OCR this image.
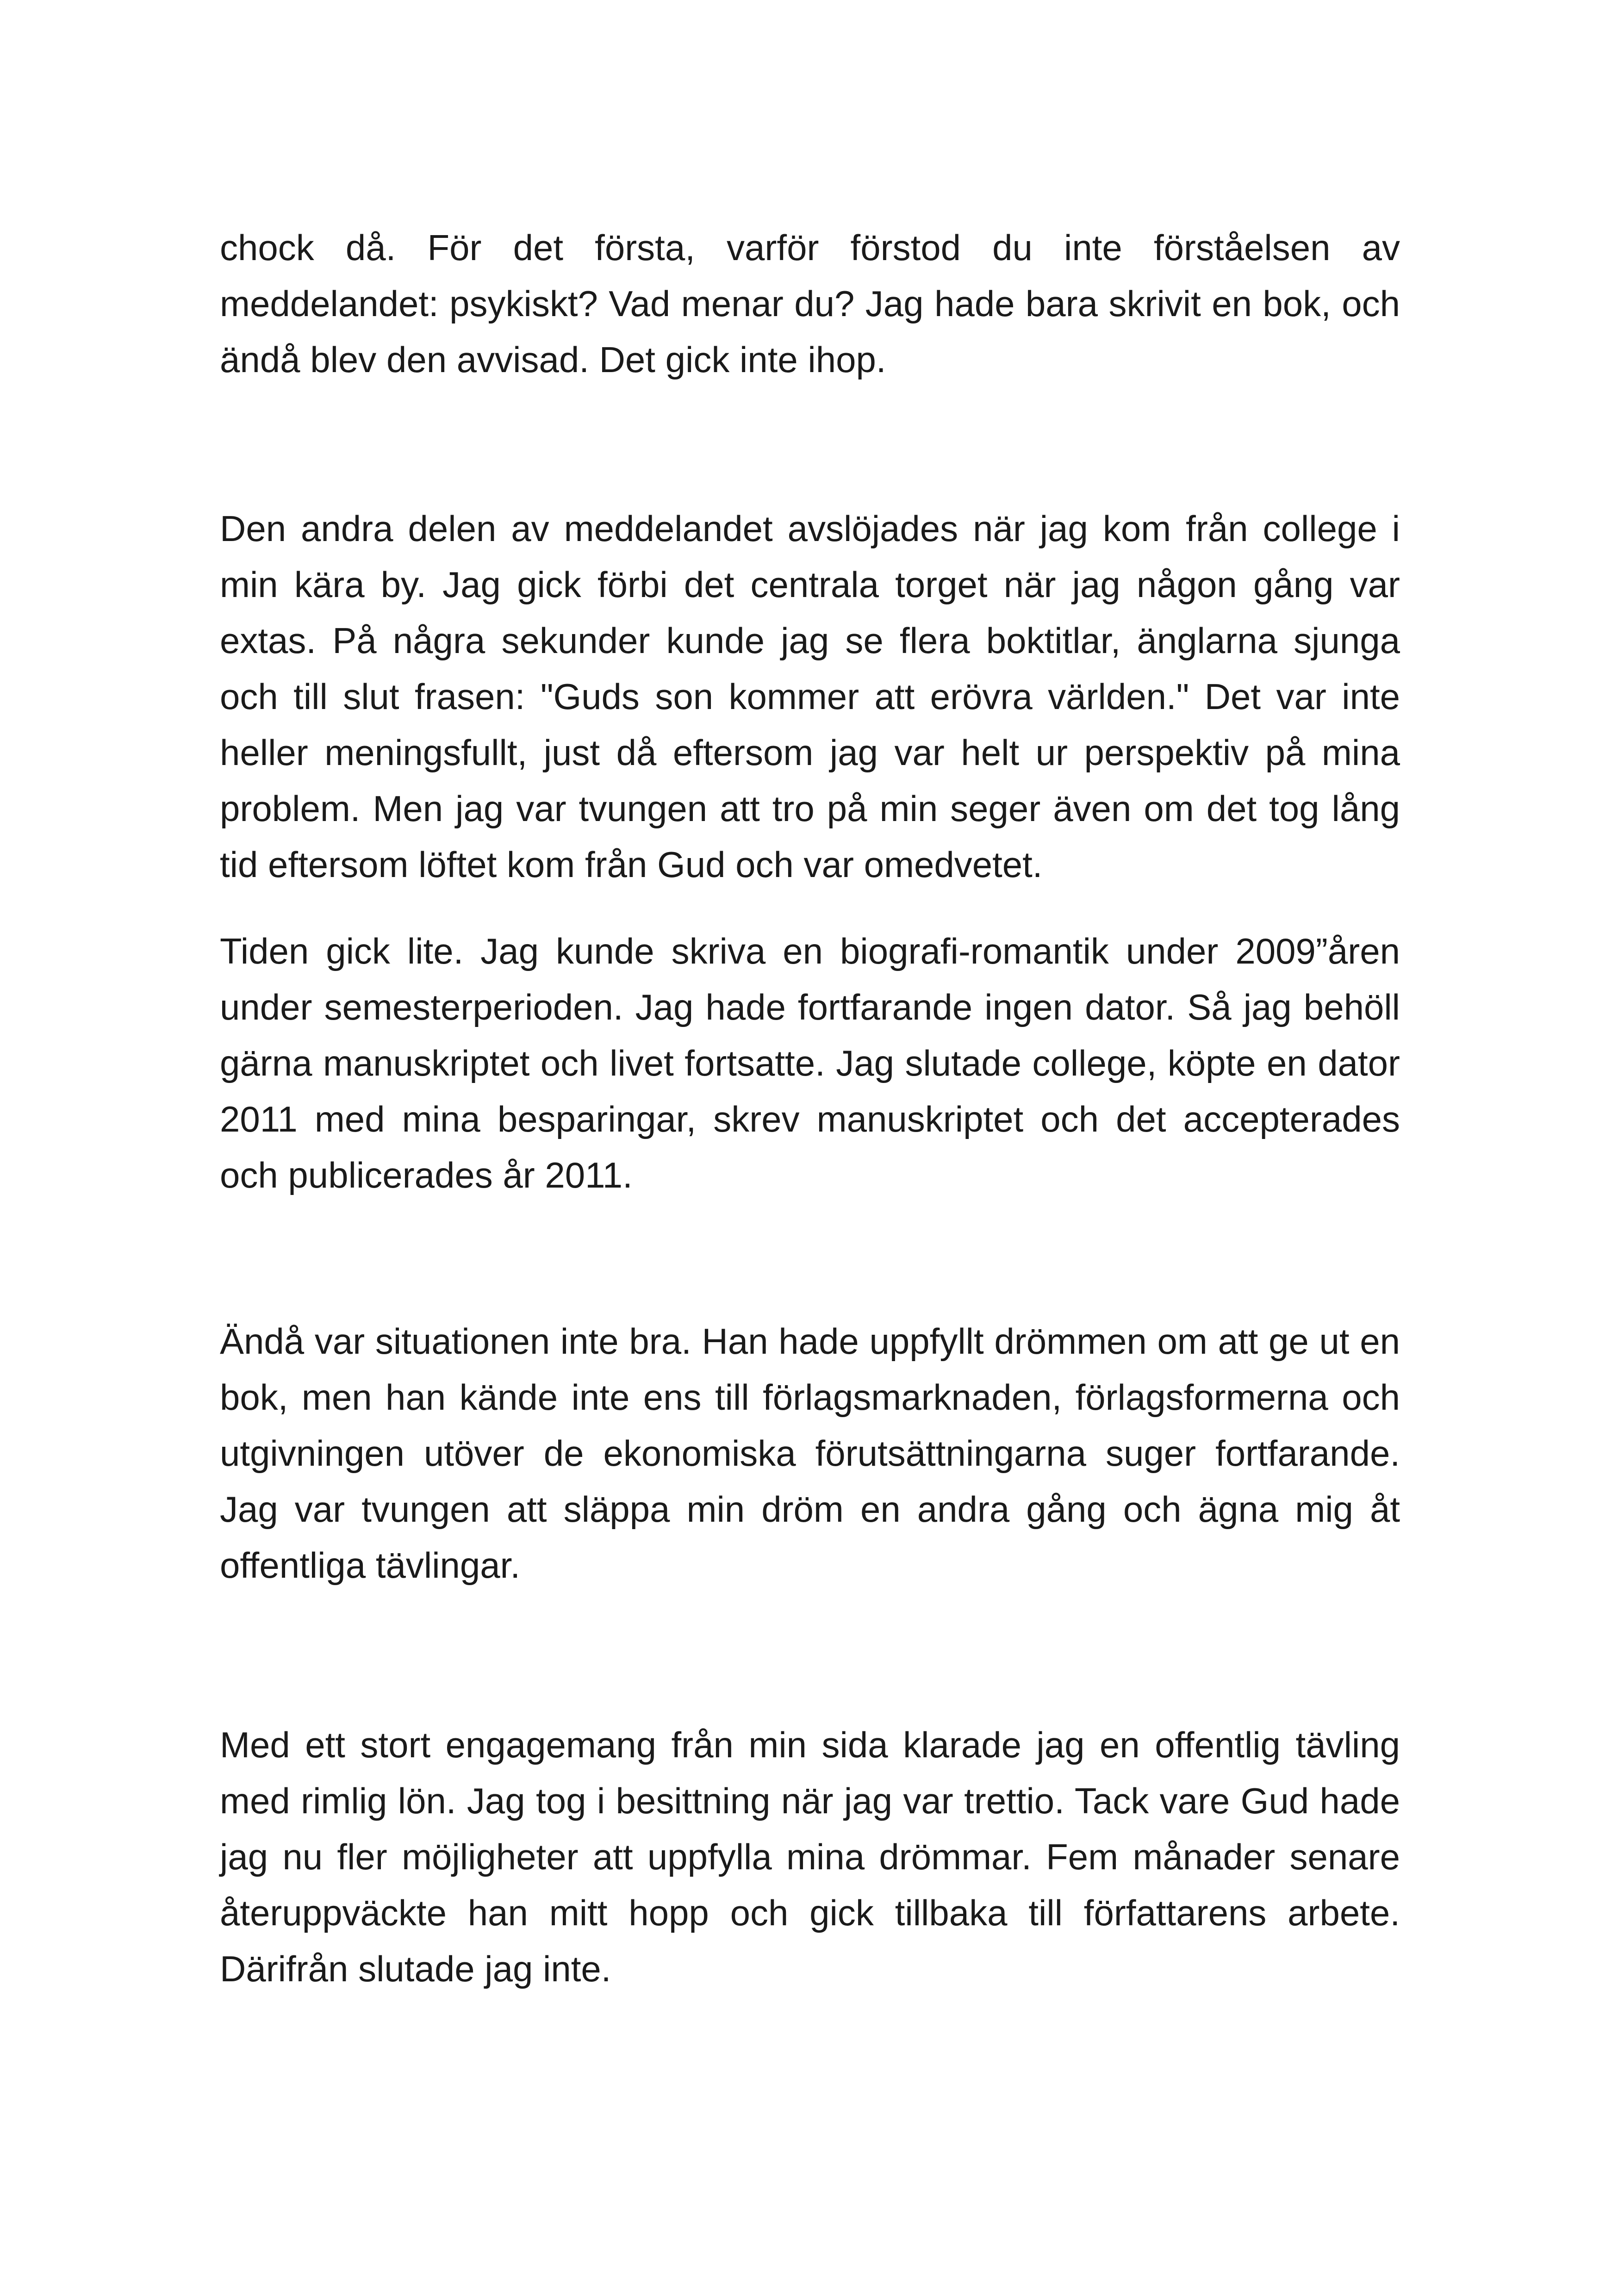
chock då. För det första, varför förstod du inte förståelsen av meddelandet: psykiskt? Vad menar du? Jag hade bara skrivit en bok, och ändå blev den avvisad. Det gick inte ihop.

Den andra delen av meddelandet avslöjades när jag kom från college i min kära by. Jag gick förbi det centrala torget när jag någon gång var extas. På några sekunder kunde jag se flera boktitlar, änglarna sjunga och till slut frasen: "Guds son kommer att erövra världen." Det var inte heller meningsfullt, just då eftersom jag var helt ur perspektiv på mina problem. Men jag var tvungen att tro på min seger även om det tog lång tid eftersom löftet kom från Gud och var omedvetet.

Tiden gick lite. Jag kunde skriva en biografi-romantik under 2009”åren under semesterperioden. Jag hade fortfarande ingen dator. Så jag behöll gärna manuskriptet och livet fortsatte. Jag slutade college, köpte en dator 2011 med mina besparingar, skrev manuskriptet och det accepterades och publicerades år 2011.

Ändå var situationen inte bra. Han hade uppfyllt drömmen om att ge ut en bok, men han kände inte ens till förlagsmarknaden, förlagsformerna och utgivningen utöver de ekonomiska förutsättningarna suger fortfarande. Jag var tvungen att släppa min dröm en andra gång och ägna mig åt offentliga tävlingar.

Med ett stort engagemang från min sida klarade jag en offentlig tävling med rimlig lön. Jag tog i besittning när jag var trettio. Tack vare Gud hade jag nu fler möjligheter att uppfylla mina drömmar. Fem månader senare återuppväckte han mitt hopp och gick tillbaka till författarens arbete. Därifrån slutade jag inte.
